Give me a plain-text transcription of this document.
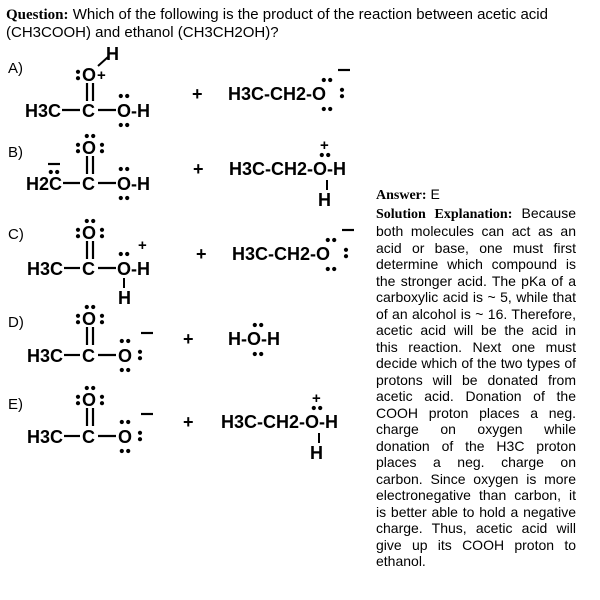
Question: Which of the following is the product of the reaction between acetic acid (CH3COOH) and ethanol (CH3CH2OH)?
A)
B)
C)
D)
E)
H3C C
O
H
+
O-H
+ H3C-CH2-O
H2C C
O
O-H
+ H3C-CH2-O-H
+
H
H3C C
O
O-H
+
H
+ H3C-CH2-O
H3C C
O
O
+ H-O-H
H3C C
O
O
+ H3C-CH2-O-H
+
H
Answer: E
Solution Explanation: Because both molecules can act as an acid or base, one must first determine which compound is the stronger acid. The pKa of a carboxylic acid is ~ 5, while that of an alcohol is ~ 16. Therefore, acetic acid will be the acid in this reaction. Next one must decide which of the two types of protons will be donated from acetic acid. Donation of the COOH proton places a neg. charge on oxygen while donation of the H3C proton places a neg. charge on carbon. Since oxygen is more electronegative than carbon, it is better able to hold a negative charge. Thus, acetic acid will give up its COOH proton to ethanol.
